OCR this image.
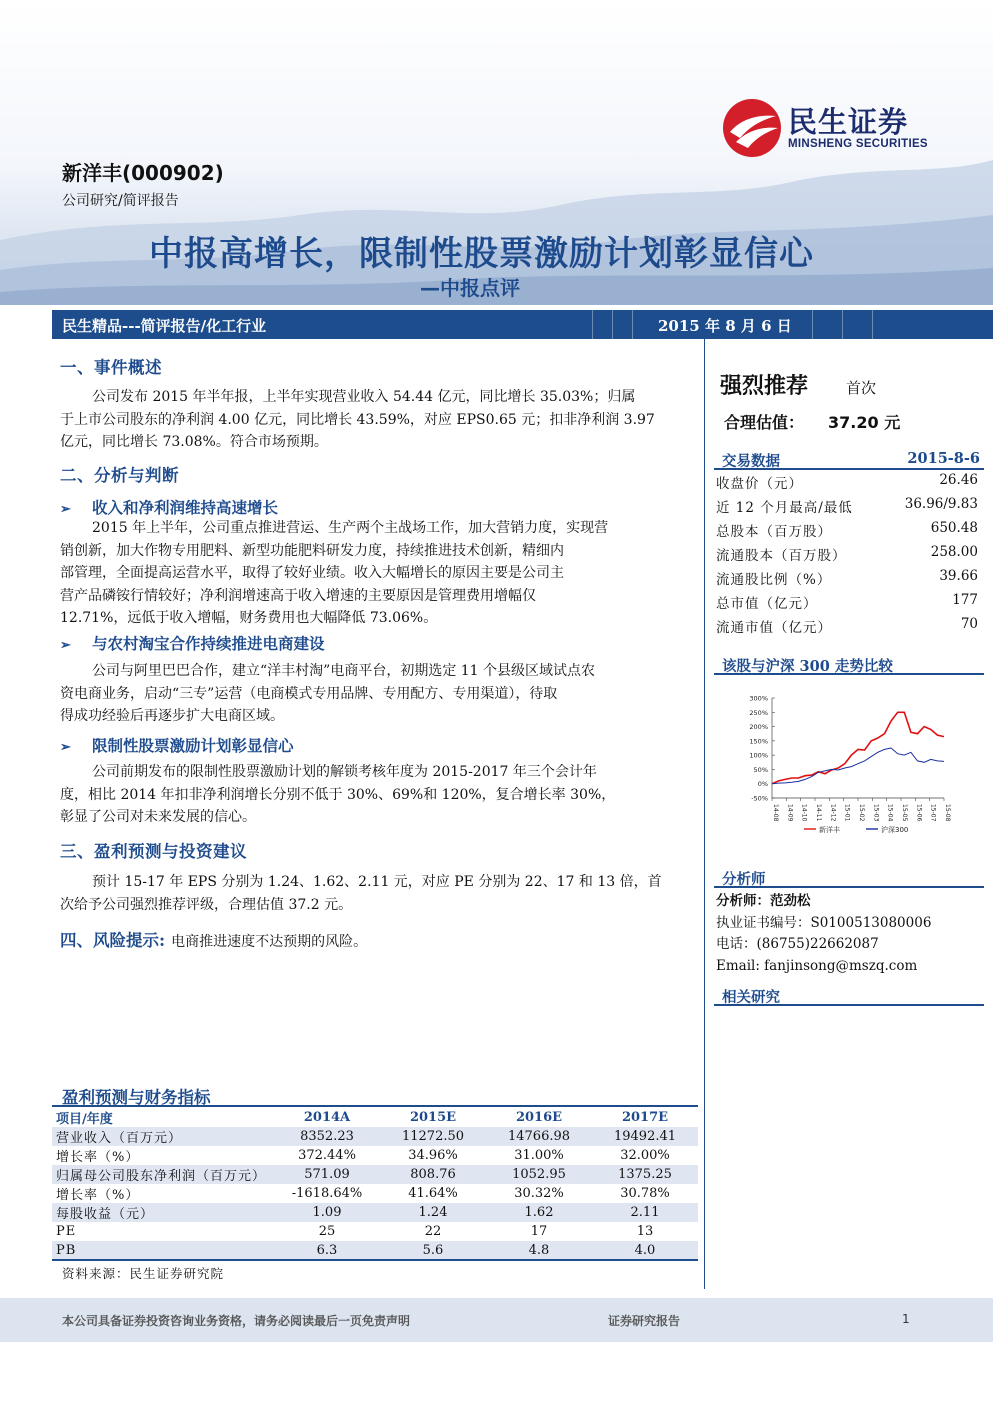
民生证券
MINSHENG SECURITIES
新洋丰(000902)
公司研究/简评报告
中报高增长，限制性股票激励计划彰显信心
—中报点评
民生精品---简评报告/化工行业	2015 年 8 月 6 日
一、事件概述
公司发布 2015 年半年报，上半年实现营业收入 54.44 亿元，同比增长 35.03%；归属
于上市公司股东的净利润 4.00 亿元，同比增长 43.59%，对应 EPS0.65 元；扣非净利润 3.97
亿元，同比增长 73.08%。符合市场预期。
二、分析与判断
➢ 收入和净利润维持高速增长
2015 年上半年，公司重点推进营运、生产两个主战场工作，加大营销力度，实现营
销创新，加大作物专用肥料、新型功能肥料研发力度，持续推进技术创新，精细内
部管理，全面提高运营水平，取得了较好业绩。收入大幅增长的原因主要是公司主
营产品磷铵行情较好；净利润增速高于收入增速的主要原因是管理费用增幅仅
12.71%，远低于收入增幅，财务费用也大幅降低 73.06%。
➢ 与农村淘宝合作持续推进电商建设
公司与阿里巴巴合作，建立“洋丰村淘”电商平台，初期选定 11 个县级区域试点农
资电商业务，启动“三专”运营（电商模式专用品牌、专用配方、专用渠道），待取
得成功经验后再逐步扩大电商区域。
➢ 限制性股票激励计划彰显信心
公司前期发布的限制性股票激励计划的解锁考核年度为 2015-2017 年三个会计年
度，相比 2014 年扣非净利润增长分别不低于 30%、69%和 120%，复合增长率 30%，
彰显了公司对未来发展的信心。
三、盈利预测与投资建议
预计 15-17 年 EPS 分别为 1.24、1.62、2.11 元，对应 PE 分别为 22、17 和 13 倍，首
次给予公司强烈推荐评级，合理估值 37.2 元。
四、风险提示: 电商推进速度不达预期的风险。
强烈推荐	首次
合理估值： 37.20 元
交易数据	2015-8-6
收盘价（元）	26.46
近 12 个月最高/最低	36.96/9.83
总股本（百万股）	650.48
流通股本（百万股）	258.00
流通股比例（%）	39.66
总市值（亿元）	177
流通市值（亿元）	70
该股与沪深 300 走势比较
300%
250%
200%
150%
100%
50%
0%
-50%
14-08 14-09 14-10 14-11 14-12 15-01 15-02 15-03 15-04 15-05 15-06 15-07 15-08
新洋丰	沪深300
分析师
分析师：范劲松
执业证书编号：S0100513080006
电话：(86755)22662087
Email: fanjinsong@mszq.com
相关研究
盈利预测与财务指标
项目/年度	2014A	2015E	2016E	2017E
营业收入（百万元）	8352.23	11272.50	14766.98	19492.41
增长率（%）	372.44%	34.96%	31.00%	32.00%
归属母公司股东净利润（百万元）	571.09	808.76	1052.95	1375.25
增长率（%）	-1618.64%	41.64%	30.32%	30.78%
每股收益（元）	1.09	1.24	1.62	2.11
PE	25	22	17	13
PB	6.3	5.6	4.8	4.0
资料来源：民生证券研究院
本公司具备证券投资咨询业务资格，请务必阅读最后一页免责声明	证券研究报告	1
